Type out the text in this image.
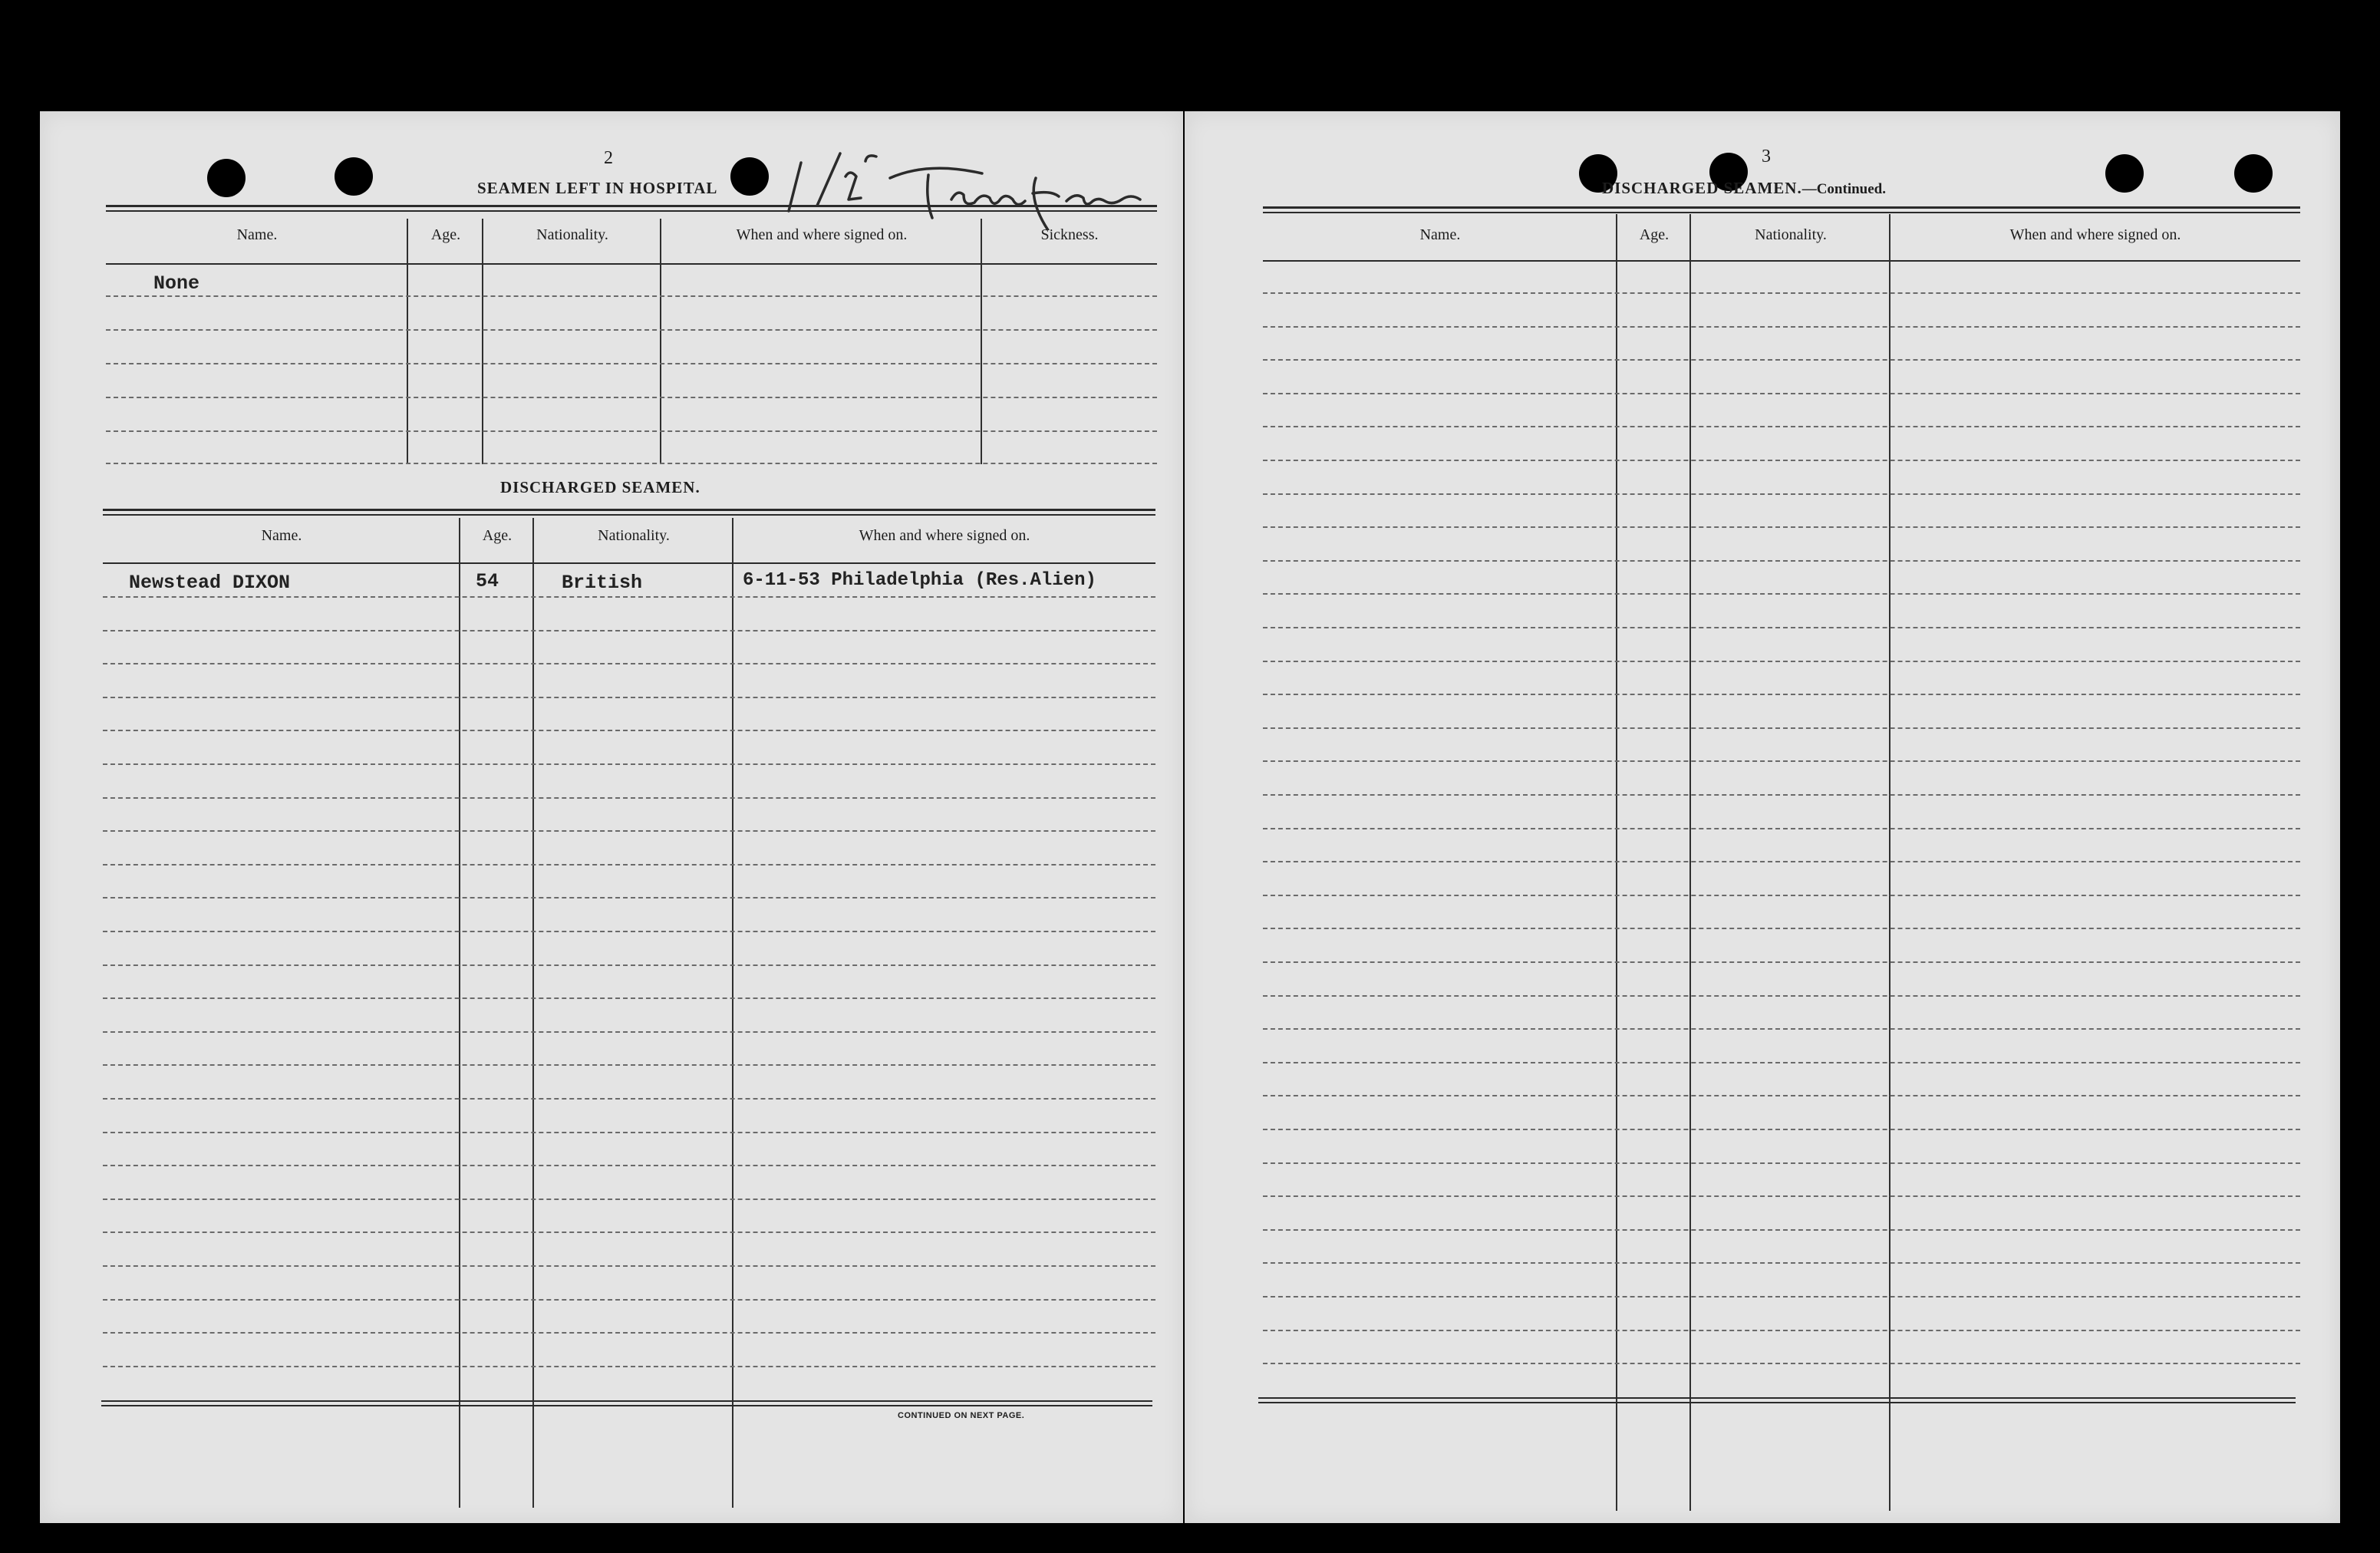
2
SEAMEN LEFT IN HOSPITAL
Name.	Age.	Nationality.	When and where signed on.	Sickness.
None
DISCHARGED SEAMEN.
Name.	Age.	Nationality.	When and where signed on.
Newstead DIXON	54	British	6-11-53 Philadelphia (Res.Alien)
CONTINUED ON NEXT PAGE.
3
DISCHARGED SEAMEN.—Continued.
Name.	Age.	Nationality.	When and where signed on.
